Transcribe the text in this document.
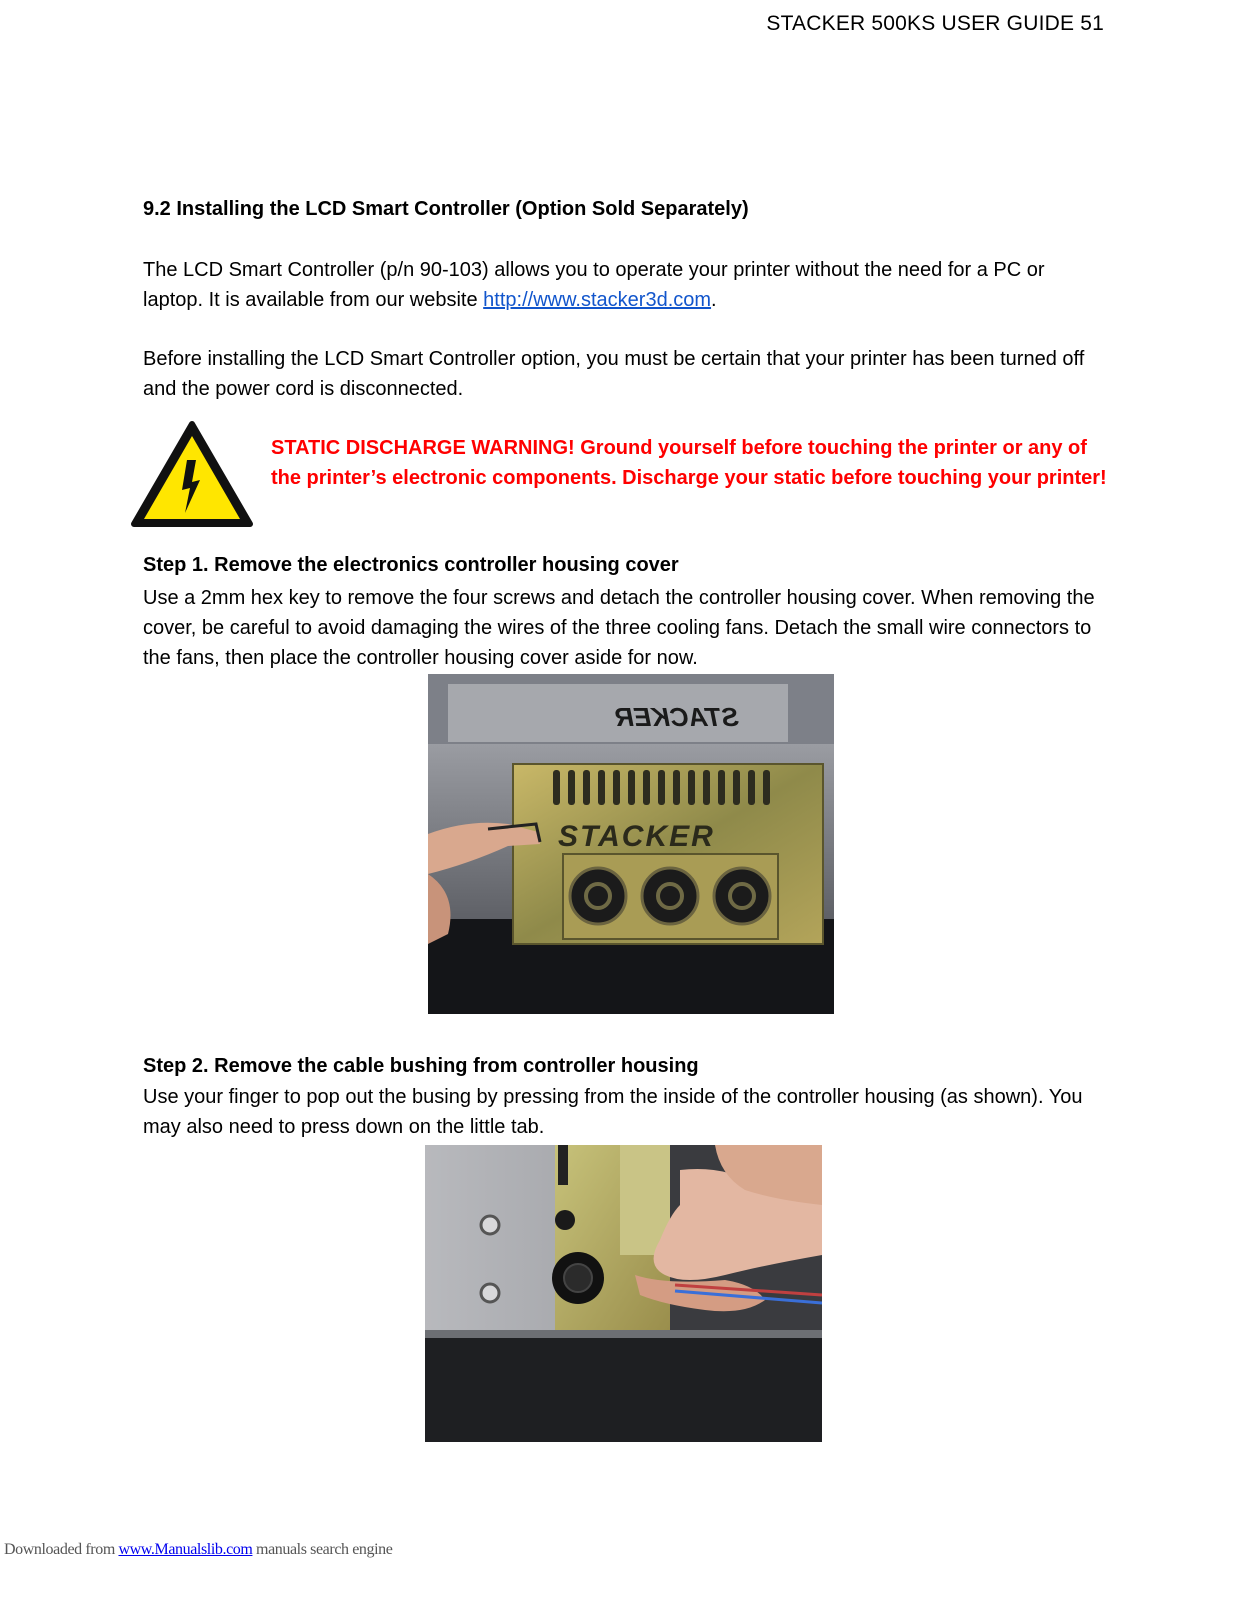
STACKER 500KS USER GUIDE 51
9.2 Installing the LCD Smart Controller (Option Sold Separately)
The LCD Smart Controller (p/n 90-103) allows you to operate your printer without the need for a PC or laptop. It is available from our website http://www.stacker3d.com.
Before installing the LCD Smart Controller option, you must be certain that your printer has been turned off and the power cord is disconnected.
STATIC DISCHARGE WARNING! Ground yourself before touching the printer or any of the printer’s electronic components. Discharge your static before touching your printer!
Step 1. Remove the electronics controller housing cover
Use a 2mm hex key to remove the four screws and detach the controller housing cover. When removing the cover, be careful to avoid damaging the wires of the three cooling fans. Detach the small wire connectors to the fans, then place the controller housing cover aside for now.
STACKER
STACKER
Step 2. Remove the cable bushing from controller housing
Use your finger to pop out the busing by pressing from the inside of the controller housing (as shown). You may also need to press down on the little tab.
Downloaded from www.Manualslib.com manuals search engine
